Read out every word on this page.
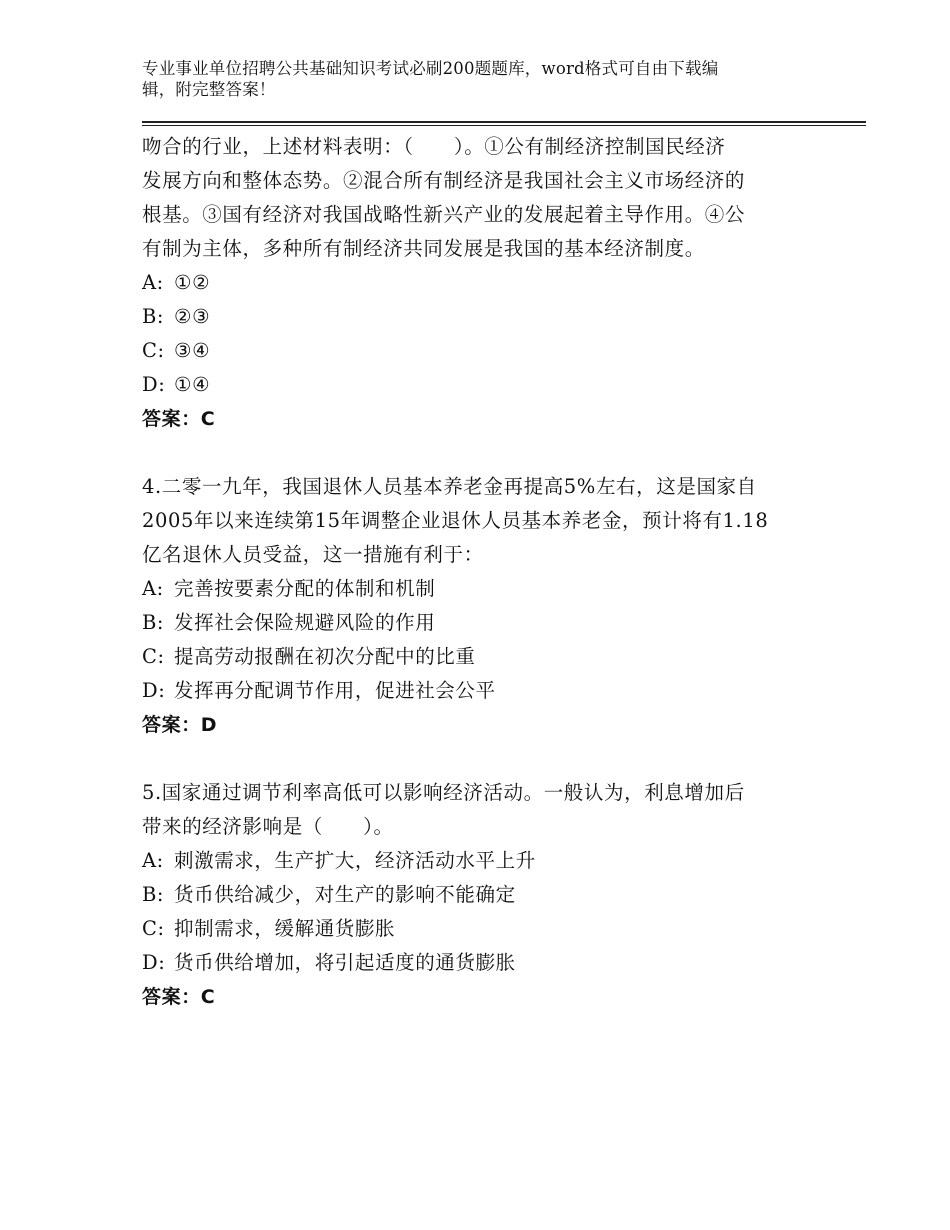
专业事业单位招聘公共基础知识考试必刷200题题库，word格式可自由下载编
辑，附完整答案！

吻合的行业，上述材料表明：（　　）。①公有制经济控制国民经济

发展方向和整体态势。②混合所有制经济是我国社会主义市场经济的

根基。③国有经济对我国战略性新兴产业的发展起着主导作用。④公

有制为主体，多种所有制经济共同发展是我国的基本经济制度。

A: ①②

B: ②③

C: ③④

D: ①④

答案：C

4.二零一九年，我国退休人员基本养老金再提高5%左右，这是国家自

2005年以来连续第15年调整企业退休人员基本养老金，预计将有1.18

亿名退休人员受益，这一措施有利于：

A: 完善按要素分配的体制和机制

B: 发挥社会保险规避风险的作用

C: 提高劳动报酬在初次分配中的比重

D: 发挥再分配调节作用，促进社会公平

答案：D

5.国家通过调节利率高低可以影响经济活动。一般认为，利息增加后

带来的经济影响是（　　）。

A: 刺激需求，生产扩大，经济活动水平上升

B: 货币供给减少，对生产的影响不能确定

C: 抑制需求，缓解通货膨胀

D: 货币供给增加，将引起适度的通货膨胀

答案：C
